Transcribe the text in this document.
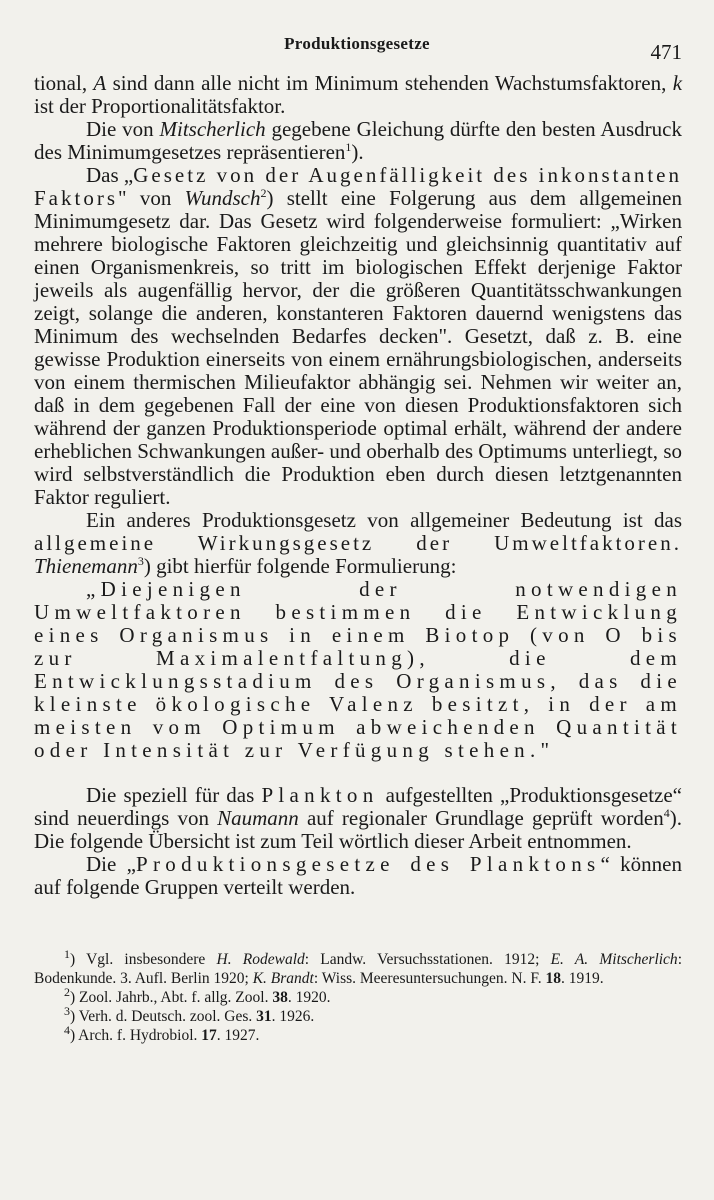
Produktionsgesetze	471

tional, A sind dann alle nicht im Minimum stehenden Wachstumsfaktoren, k ist der Proportionalitätsfaktor.

Die von Mitscherlich gegebene Gleichung dürfte den besten Ausdruck des Minimumgesetzes repräsentieren$^1$).

Das „Gesetz von der Augenfälligkeit des inkonstanten Faktors" von Wundsch$^2$) stellt eine Folgerung aus dem allgemeinen Minimumgesetz dar. Das Gesetz wird folgenderweise formuliert: „Wirken mehrere biologische Faktoren gleichzeitig und gleichsinnig quantitativ auf einen Organismenkreis, so tritt im biologischen Effekt derjenige Faktor jeweils als augenfällig hervor, der die größeren Quantitätsschwankungen zeigt, solange die anderen, konstanteren Faktoren dauernd wenigstens das Minimum des wechselnden Bedarfes decken". Gesetzt, daß z. B. eine gewisse Produktion einerseits von einem ernährungsbiologischen, anderseits von einem thermischen Milieufaktor abhängig sei. Nehmen wir weiter an, daß in dem gegebenen Fall der eine von diesen Produktionsfaktoren sich während der ganzen Produktionsperiode optimal erhält, während der andere erheblichen Schwankungen außer- und oberhalb des Optimums unterliegt, so wird selbstverständlich die Produktion eben durch diesen letztgenannten Faktor reguliert.

Ein anderes Produktionsgesetz von allgemeiner Bedeutung ist das allgemeine Wirkungsgesetz der Umweltfaktoren. Thienemann$^3$) gibt hierfür folgende Formulierung:

„Diejenigen der notwendigen Umweltfaktoren bestimmen die Entwicklung eines Organismus in einem Biotop (von O bis zur Maximalentfaltung), die dem Entwicklungsstadium des Organismus, das die kleinste ökologische Valenz besitzt, in der am meisten vom Optimum abweichenden Quantität oder Intensität zur Verfügung stehen."

Die speziell für das Plankton aufgestellten „Produktionsgesetze“ sind neuerdings von Naumann auf regionaler Grundlage geprüft worden$^4$). Die folgende Übersicht ist zum Teil wörtlich dieser Arbeit entnommen.

Die „Produktionsgesetze des Planktons“ können auf folgende Gruppen verteilt werden.

$^1$) Vgl. insbesondere H. Rodewald: Landw. Versuchsstationen. 1912; E. A. Mitscherlich: Bodenkunde. 3. Aufl. Berlin 1920; K. Brandt: Wiss. Meeresuntersuchungen. N. F. 18. 1919.

$^2$) Zool. Jahrb., Abt. f. allg. Zool. 38. 1920.

$^3$) Verh. d. Deutsch. zool. Ges. 31. 1926.

$^4$) Arch. f. Hydrobiol. 17. 1927.
